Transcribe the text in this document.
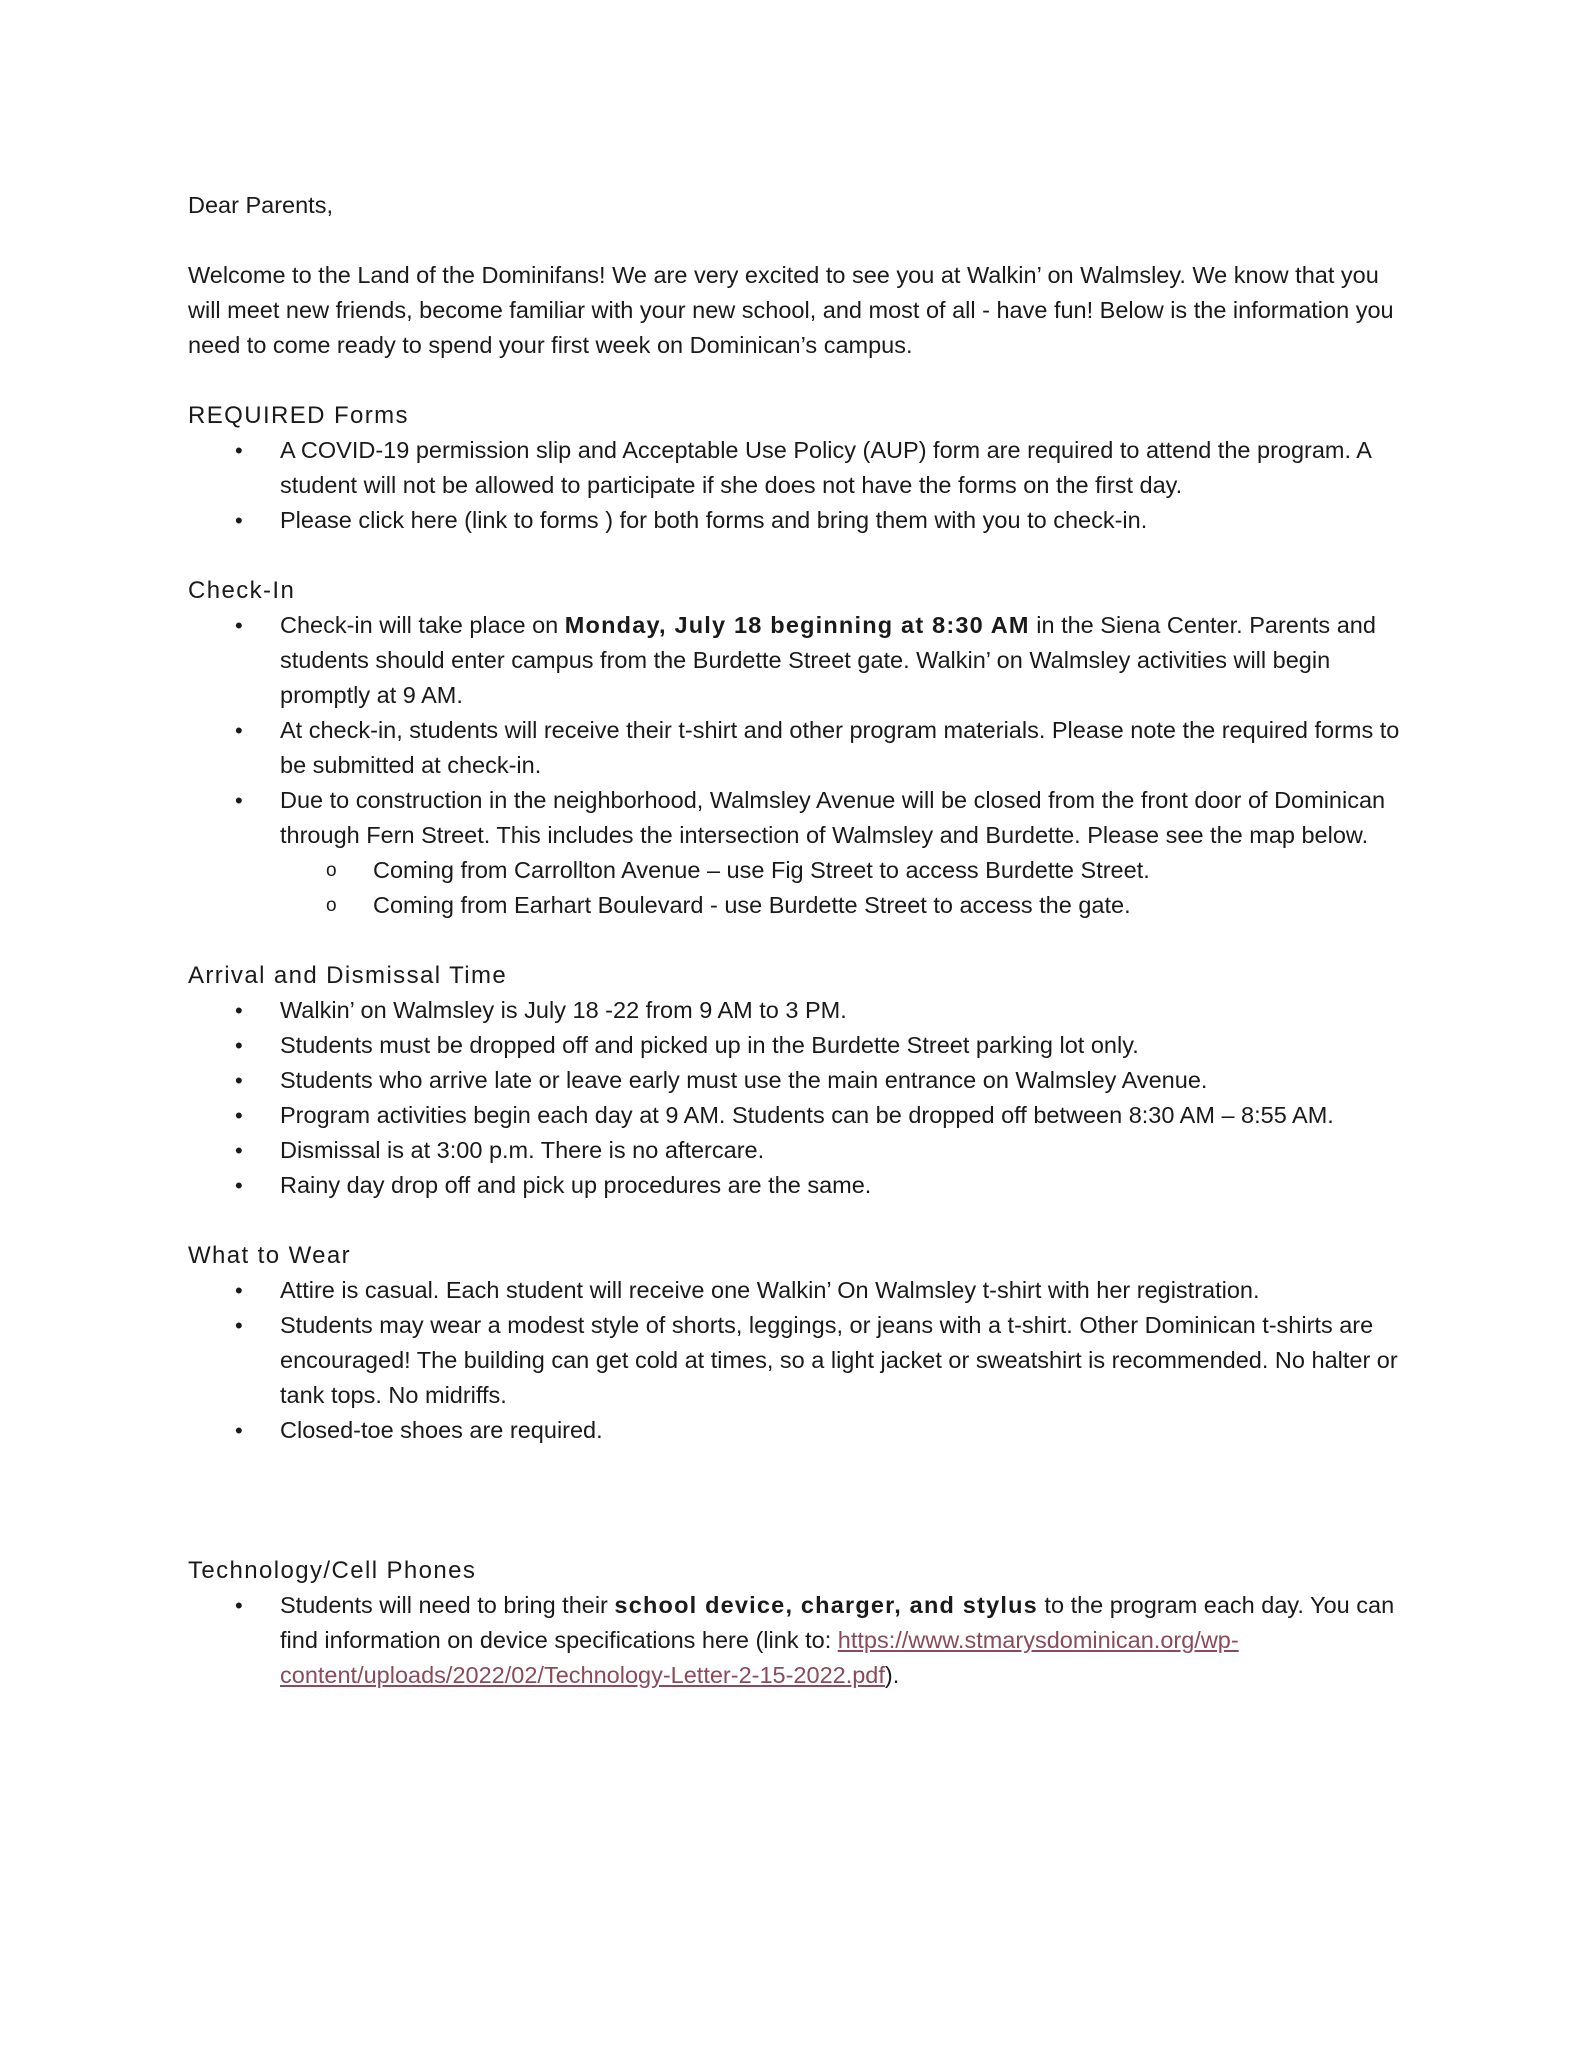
Dear Parents,

Welcome to the Land of the Dominifans! We are very excited to see you at Walkin’ on Walmsley. We know that you will meet new friends, become familiar with your new school, and most of all - have fun! Below is the information you need to come ready to spend your first week on Dominican’s campus.

REQUIRED Forms
• A COVID-19 permission slip and Acceptable Use Policy (AUP) form are required to attend the program. A student will not be allowed to participate if she does not have the forms on the first day.
• Please click here (link to forms ) for both forms and bring them with you to check-in.
Check-In
• Check-in will take place on Monday, July 18 beginning at 8:30 AM in the Siena Center. Parents and students should enter campus from the Burdette Street gate. Walkin’ on Walmsley activities will begin promptly at 9 AM.
• At check-in, students will receive their t-shirt and other program materials. Please note the required forms to be submitted at check-in.
• Due to construction in the neighborhood, Walmsley Avenue will be closed from the front door of Dominican through Fern Street. This includes the intersection of Walmsley and Burdette. Please see the map below.
o Coming from Carrollton Avenue – use Fig Street to access Burdette Street.
o Coming from Earhart Boulevard - use Burdette Street to access the gate.
Arrival and Dismissal Time
• Walkin’ on Walmsley is July 18 -22 from 9 AM to 3 PM.
• Students must be dropped off and picked up in the Burdette Street parking lot only.
• Students who arrive late or leave early must use the main entrance on Walmsley Avenue.
• Program activities begin each day at 9 AM. Students can be dropped off between 8:30 AM – 8:55 AM.
• Dismissal is at 3:00 p.m. There is no aftercare.
• Rainy day drop off and pick up procedures are the same.
What to Wear
• Attire is casual. Each student will receive one Walkin’ On Walmsley t-shirt with her registration.
• Students may wear a modest style of shorts, leggings, or jeans with a t-shirt. Other Dominican t-shirts are encouraged! The building can get cold at times, so a light jacket or sweatshirt is recommended. No halter or tank tops. No midriffs.
• Closed-toe shoes are required.
Technology/Cell Phones
• Students will need to bring their school device, charger, and stylus to the program each day. You can find information on device specifications here (link to: https://www.stmarysdominican.org/wp-content/uploads/2022/02/Technology-Letter-2-15-2022.pdf).
